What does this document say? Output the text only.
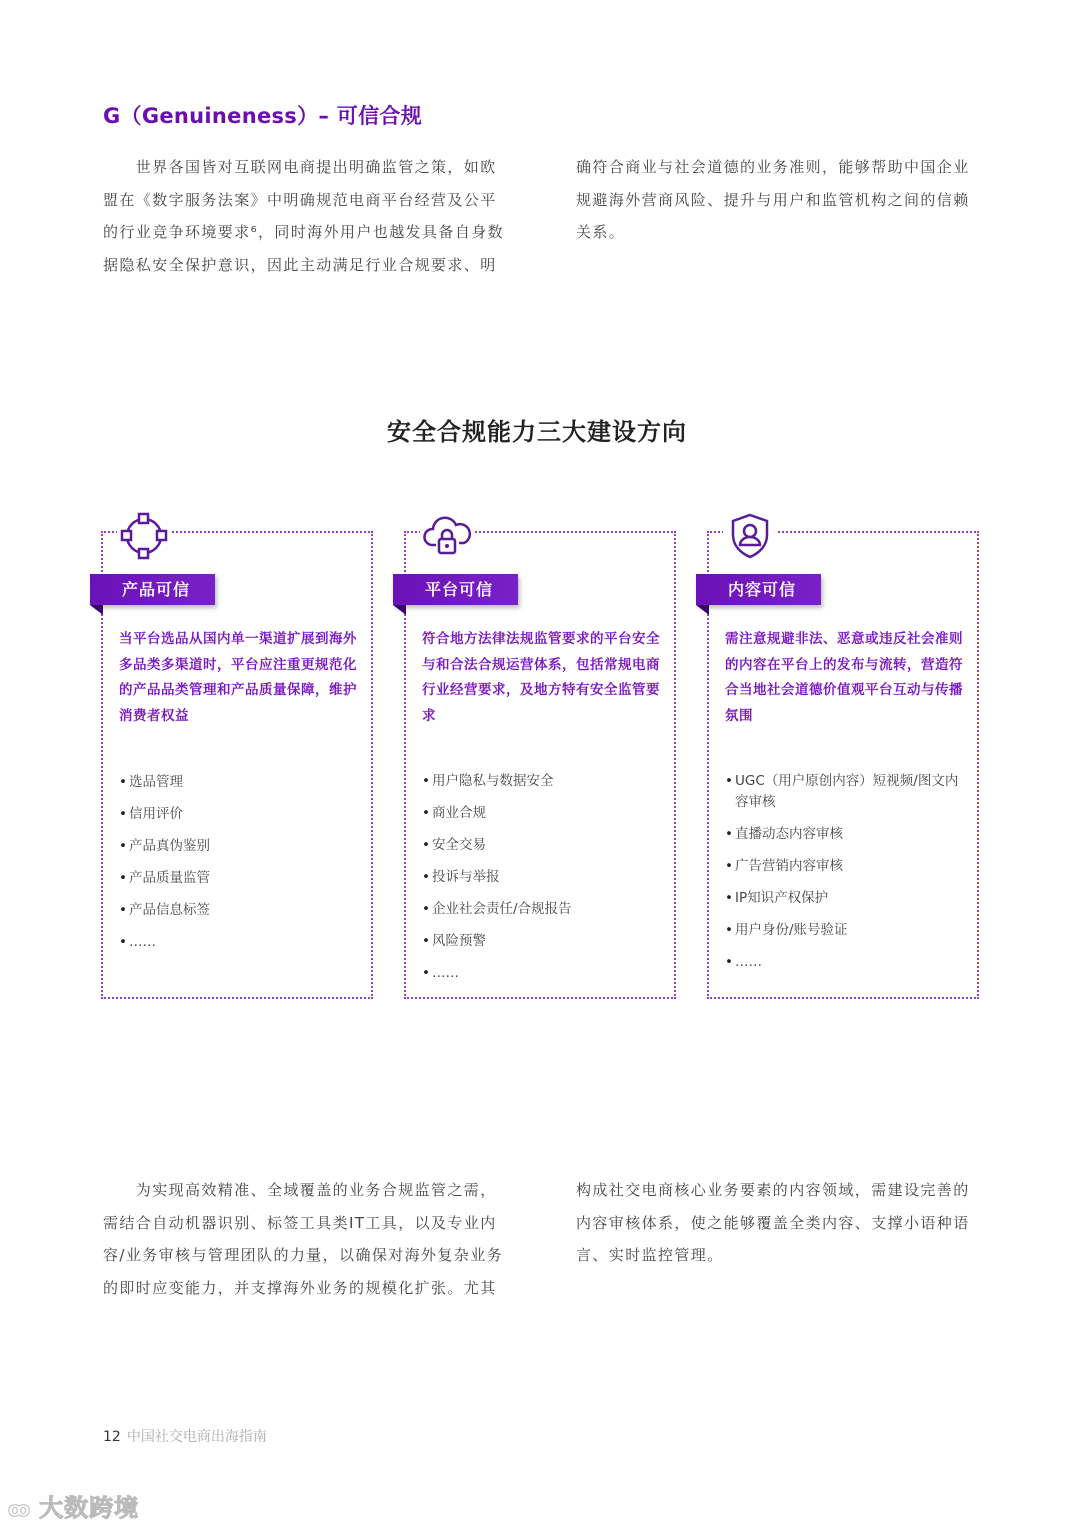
G（Genuineness）– 可信合规
　　世界各国皆对互联网电商提出明确监管之策，如欧
盟在《数字服务法案》中明确规范电商平台经营及公平
的行业竞争环境要求⁶，同时海外用户也越发具备自身数
据隐私安全保护意识，因此主动满足行业合规要求、明
确符合商业与社会道德的业务准则，能够帮助中国企业
规避海外营商风险、提升与用户和监管机构之间的信赖
关系。
安全合规能力三大建设方向
产品可信
当平台选品从国内单一渠道扩展到海外多品类多渠道时，平台应注重更规范化的产品品类管理和产品质量保障，维护消费者权益
• 选品管理
• 信用评价
• 产品真伪鉴别
• 产品质量监管
• 产品信息标签
• ……
平台可信
符合地方法律法规监管要求的平台安全与和合法合规运营体系，包括常规电商行业经营要求，及地方特有安全监管要求
• 用户隐私与数据安全
• 商业合规
• 安全交易
• 投诉与举报
• 企业社会责任/合规报告
• 风险预警
• ……
内容可信
需注意规避非法、恶意或违反社会准则的内容在平台上的发布与流转，营造符合当地社会道德价值观平台互动与传播氛围
• UGC（用户原创内容）短视频/图文内容审核
• 直播动态内容审核
• 广告营销内容审核
• IP知识产权保护
• 用户身份/账号验证
• ……
　　为实现高效精准、全域覆盖的业务合规监管之需，
需结合自动机器识别、标签工具类IT工具，以及专业内
容/业务审核与管理团队的力量，以确保对海外复杂业务
的即时应变能力，并支撑海外业务的规模化扩张。尤其
构成社交电商核心业务要素的内容领域，需建设完善的
内容审核体系，使之能够覆盖全类内容、支撑小语种语
言、实时监控管理。
12 中国社交电商出海指南
ꝏ 大数跨境
